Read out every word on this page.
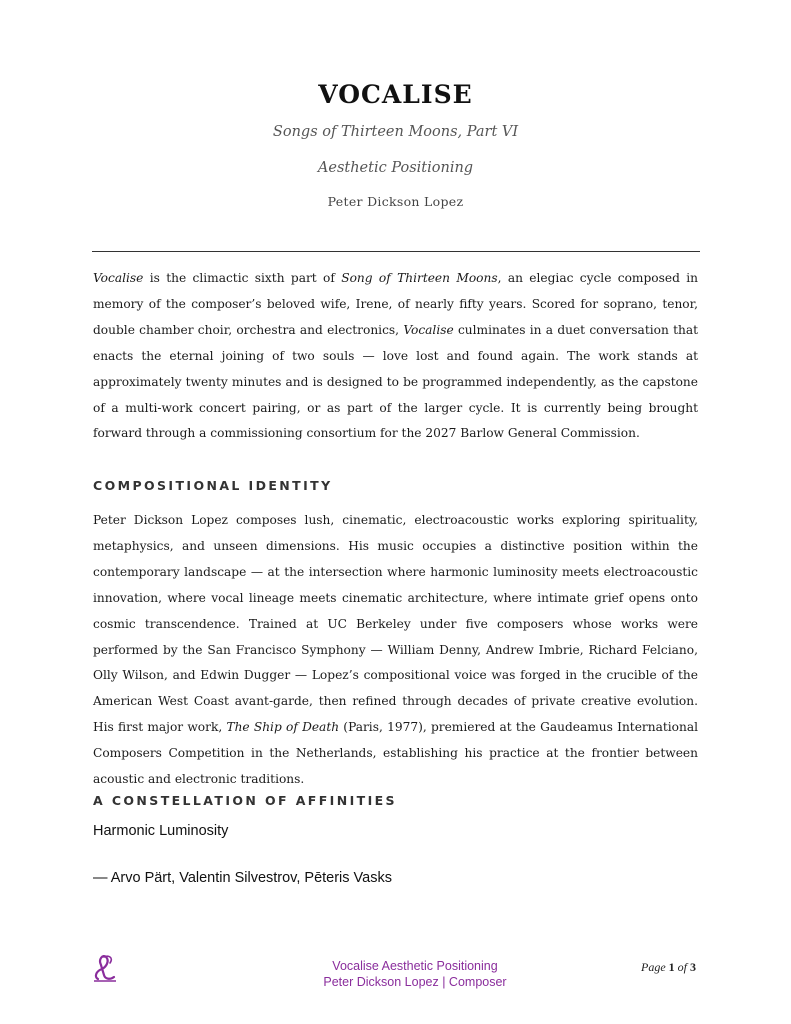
VOCALISE
Songs of Thirteen Moons, Part VI
Aesthetic Positioning
Peter Dickson Lopez

Vocalise is the climactic sixth part of Song of Thirteen Moons, an elegiac cycle composed in memory of the composer’s beloved wife, Irene, of nearly fifty years. Scored for soprano, tenor, double chamber choir, orchestra and electronics, Vocalise culminates in a duet conversation that enacts the eternal joining of two souls — love lost and found again. The work stands at approximately twenty minutes and is designed to be programmed independently, as the capstone of a multi-work concert pairing, or as part of the larger cycle. It is currently being brought forward through a commissioning consortium for the 2027 Barlow General Commission.

COMPOSITIONAL IDENTITY

Peter Dickson Lopez composes lush, cinematic, electroacoustic works exploring spirituality, metaphysics, and unseen dimensions. His music occupies a distinctive position within the contemporary landscape — at the intersection where harmonic luminosity meets electroacoustic innovation, where vocal lineage meets cinematic architecture, where intimate grief opens onto cosmic transcendence. Trained at UC Berkeley under five composers whose works were performed by the San Francisco Symphony — William Denny, Andrew Imbrie, Richard Felciano, Olly Wilson, and Edwin Dugger — Lopez’s compositional voice was forged in the crucible of the American West Coast avant-garde, then refined through decades of private creative evolution. His first major work, The Ship of Death (Paris, 1977), premiered at the Gaudeamus International Composers Competition in the Netherlands, establishing his practice at the frontier between acoustic and electronic traditions.

A CONSTELLATION OF AFFINITIES
Harmonic Luminosity
— Arvo Pärt, Valentin Silvestrov, Pēteris Vasks
Vocalise Aesthetic Positioning
Peter Dickson Lopez | Composer
Page 1 of 3
